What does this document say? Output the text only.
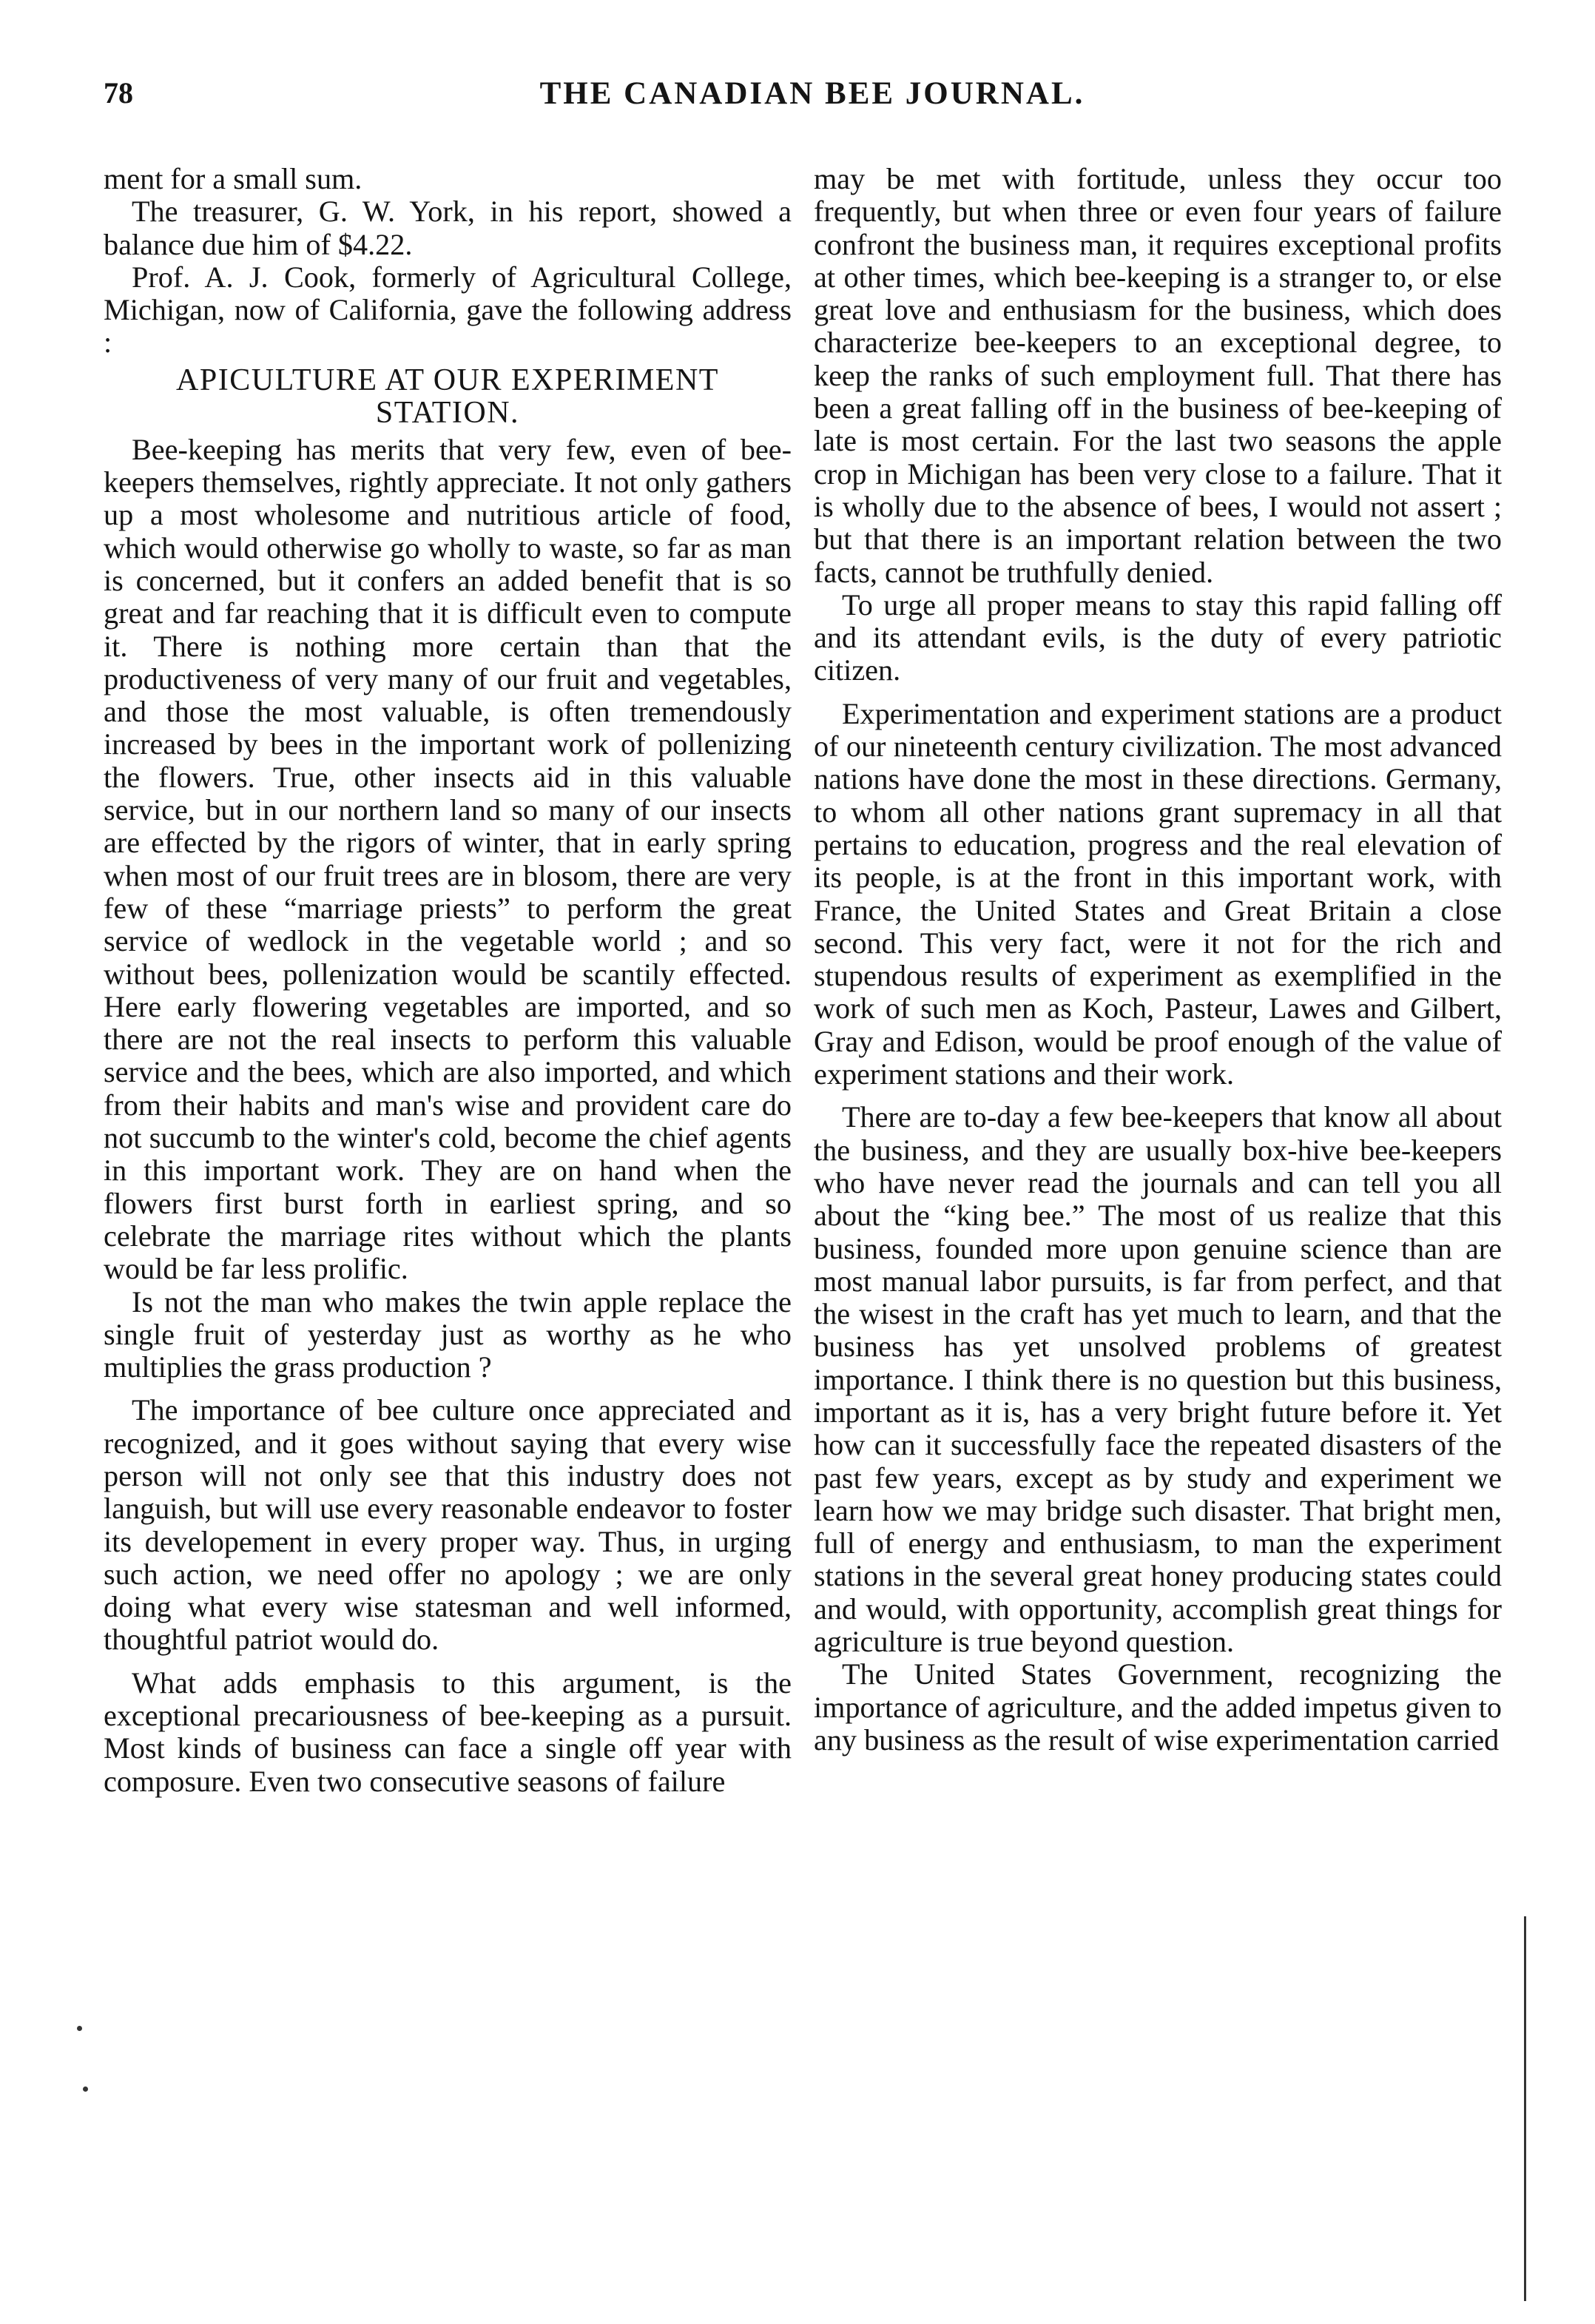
78	THE CANADIAN BEE JOURNAL.

ment for a small sum.

The treasurer, G. W. York, in his report, showed a balance due him of $4.22.

Prof. A. J. Cook, formerly of Agricultural College, Michigan, now of California, gave the following address :

APICULTURE AT OUR EXPERIMENT STATION.

Bee-keeping has merits that very few, even of bee-keepers themselves, rightly appreciate. It not only gathers up a most wholesome and nutritious article of food, which would otherwise go wholly to waste, so far as man is concerned, but it confers an added benefit that is so great and far reaching that it is difficult even to compute it. There is nothing more certain than that the productiveness of very many of our fruit and vegetables, and those the most valuable, is often tremendously increased by bees in the important work of pollenizing the flowers. True, other insects aid in this valuable service, but in our northern land so many of our insects are effected by the rigors of winter, that in early spring when most of our fruit trees are in blosom, there are very few of these “marriage priests” to perform the great service of wedlock in the vegetable world ; and so without bees, pollenization would be scantily effected. Here early flowering vegetables are imported, and so there are not the real insects to perform this valuable service and the bees, which are also imported, and which from their habits and man's wise and provident care do not succumb to the winter's cold, become the chief agents in this important work. They are on hand when the flowers first burst forth in earliest spring, and so celebrate the marriage rites without which the plants would be far less prolific.

Is not the man who makes the twin apple replace the single fruit of yesterday just as worthy as he who multiplies the grass production ?

The importance of bee culture once appreciated and recognized, and it goes without saying that every wise person will not only see that this industry does not languish, but will use every reasonable endeavor to foster its developement in every proper way. Thus, in urging such action, we need offer no apology ; we are only doing what every wise statesman and well informed, thoughtful patriot would do.

What adds emphasis to this argument, is the exceptional precariousness of bee-keeping as a pursuit. Most kinds of business can face a single off year with composure. Even two consecutive seasons of failure

may be met with fortitude, unless they occur too frequently, but when three or even four years of failure confront the business man, it requires exceptional profits at other times, which bee-keeping is a stranger to, or else great love and enthusiasm for the business, which does characterize bee-keepers to an exceptional degree, to keep the ranks of such employment full. That there has been a great falling off in the business of bee-keeping of late is most certain. For the last two seasons the apple crop in Michigan has been very close to a failure. That it is wholly due to the absence of bees, I would not assert ; but that there is an important relation between the two facts, cannot be truthfully denied.

To urge all proper means to stay this rapid falling off and its attendant evils, is the duty of every patriotic citizen.

Experimentation and experiment stations are a product of our nineteenth century civilization. The most advanced nations have done the most in these directions. Germany, to whom all other nations grant supremacy in all that pertains to education, progress and the real elevation of its people, is at the front in this important work, with France, the United States and Great Britain a close second. This very fact, were it not for the rich and stupendous results of experiment as exemplified in the work of such men as Koch, Pasteur, Lawes and Gilbert, Gray and Edison, would be proof enough of the value of experiment stations and their work.

There are to-day a few bee-keepers that know all about the business, and they are usually box-hive bee-keepers who have never read the journals and can tell you all about the “king bee.” The most of us realize that this business, founded more upon genuine science than are most manual labor pursuits, is far from perfect, and that the wisest in the craft has yet much to learn, and that the business has yet unsolved problems of greatest importance. I think there is no question but this business, important as it is, has a very bright future before it. Yet how can it successfully face the repeated disasters of the past few years, except as by study and experiment we learn how we may bridge such disaster. That bright men, full of energy and enthusiasm, to man the experiment stations in the several great honey producing states could and would, with opportunity, accomplish great things for agriculture is true beyond question.

The United States Government, recognizing the importance of agriculture, and the added impetus given to any business as the result of wise experimentation carried
